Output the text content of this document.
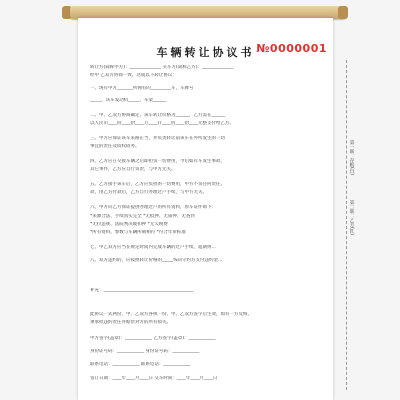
车辆转让协议书 №0000001
转让方(简称甲方)：______________ 买车方(简称乙方)：______________
经甲 乙双方协商一致，达成以下转让协议：
一、现有甲方_______所拥有的_________车，车牌号
_____，该车发动机_____，车架______
二、甲、乙双方协商确定，该车转让价格为______，乙方需在______
以人民币____佰____拾____万____仟____佰____拾____元整支付给乙方。
三、甲方应保证该车来路正当，并负责转让前该车在外所发生的一切
事宜的责任及债权债务。
四、乙方应在交接车辆之后即担负一切费用，今后如有车发生事故，
其它事件，乙方应自行负责，与甲方无关。
五、乙方接手该车后，乙方应负担的一切费用，甲方不负任何责任。
款，由乙方付款后，乙方自行办理过户手续，与甲方无关。
六、甲方向乙方保证提供办理过户的所有资料，原车证件如下：
*来源合法、手续真实完全 *无抵押、无质押、无查封
*无拉违规、法院判决或扣押 *无欠税费
*所有资料、参数与车辆所载相符 *符合年审标准
七、甲乙双方应当在规定时间内完成车辆的过户手续，超期则...
八、双方违约的，应按照转让价格的_____%向守约方支付违约金...
补充：________________________________________
此协议一式两份，甲、乙双方各执一份，甲、乙双方签字后生效，如有一方反悔，
须承担违约责任并赔偿对方的所有损失。
甲方签字(盖章)：____________ 乙方签字(盖章)：____________
身份证号码：____________ 身份证号码：____________
联系电话：____________ 联系电话：____________
签订日期：____年____月____日 交车时间：____年____月____日
第一联：存根(白)
第二联：乙方(红)
